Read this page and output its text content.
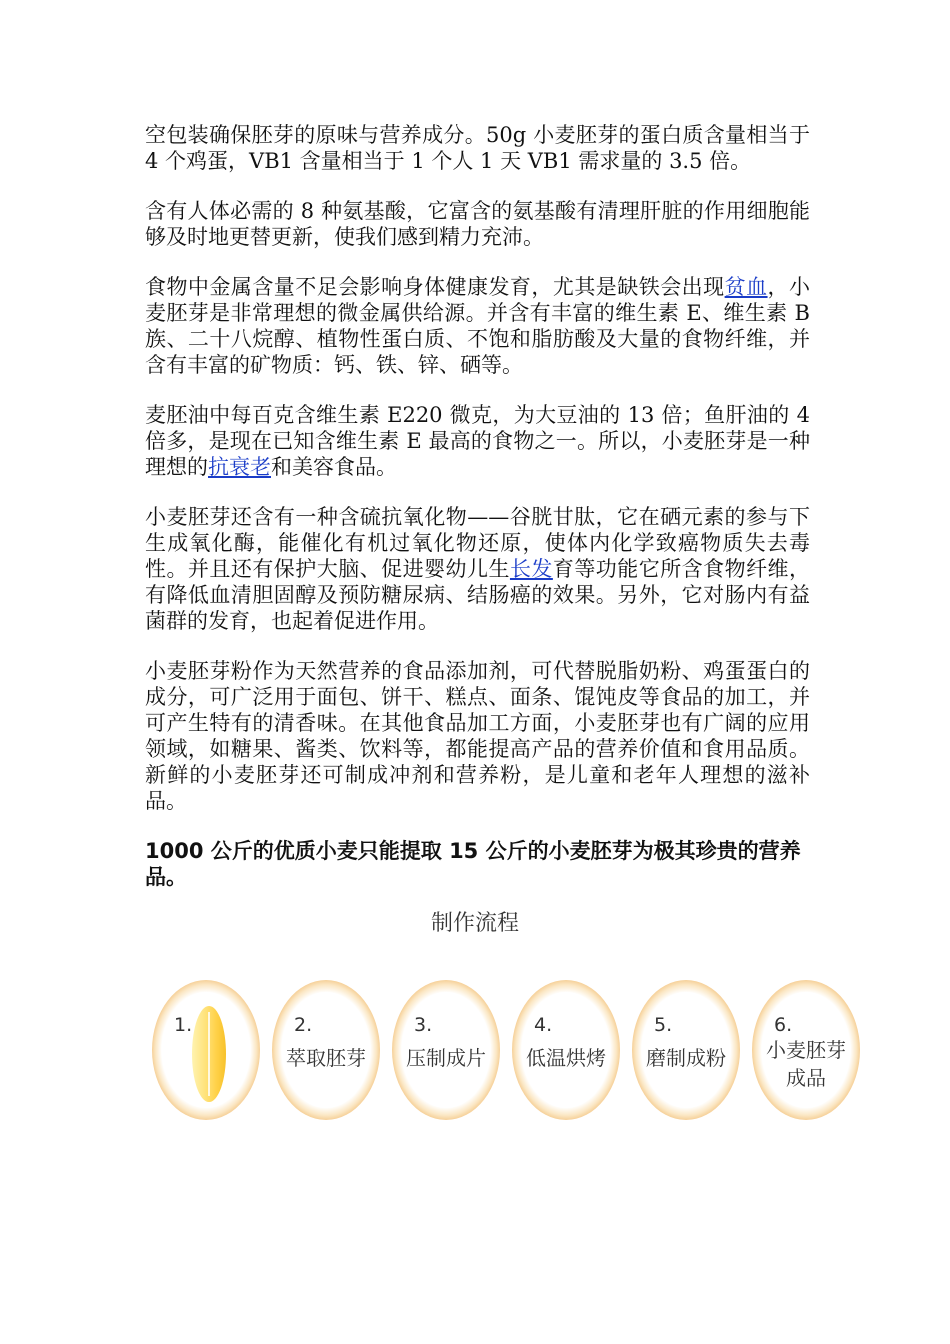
空包装确保胚芽的原味与营养成分。50g 小麦胚芽的蛋白质含量相当于 4 个鸡蛋，VB1 含量相当于 1 个人 1 天 VB1 需求量的 3.5 倍。

含有人体必需的 8 种氨基酸，它富含的氨基酸有清理肝脏的作用细胞能够及时地更替更新，使我们感到精力充沛。

食物中金属含量不足会影响身体健康发育，尤其是缺铁会出现贫血，小麦胚芽是非常理想的微金属供给源。并含有丰富的维生素 E、维生素 B 族、二十八烷醇、植物性蛋白质、不饱和脂肪酸及大量的食物纤维，并含有丰富的矿物质：钙、铁、锌、硒等。

麦胚油中每百克含维生素 E220 微克，为大豆油的 13 倍；鱼肝油的 4 倍多，是现在已知含维生素 E 最高的食物之一。所以，小麦胚芽是一种理想的抗衰老和美容食品。

小麦胚芽还含有一种含硫抗氧化物——谷胱甘肽，它在硒元素的参与下生成氧化酶，能催化有机过氧化物还原，使体内化学致癌物质失去毒性。并且还有保护大脑、促进婴幼儿生长发育等功能它所含食物纤维，有降低血清胆固醇及预防糖尿病、结肠癌的效果。另外，它对肠内有益菌群的发育，也起着促进作用。

小麦胚芽粉作为天然营养的食品添加剂，可代替脱脂奶粉、鸡蛋蛋白的成分，可广泛用于面包、饼干、糕点、面条、馄饨皮等食品的加工，并可产生特有的清香味。在其他食品加工方面，小麦胚芽也有广阔的应用领域，如糖果、酱类、饮料等，都能提高产品的营养价值和食用品质。新鲜的小麦胚芽还可制成冲剂和营养粉，是儿童和老年人理想的滋补品。

1000 公斤的优质小麦只能提取 15 公斤的小麦胚芽为极其珍贵的营养品。

制作流程
1.	2.
萃取胚芽
3.
压制成片
4.
低温烘烤
5.
磨制成粉
6.
小麦胚芽
成品
